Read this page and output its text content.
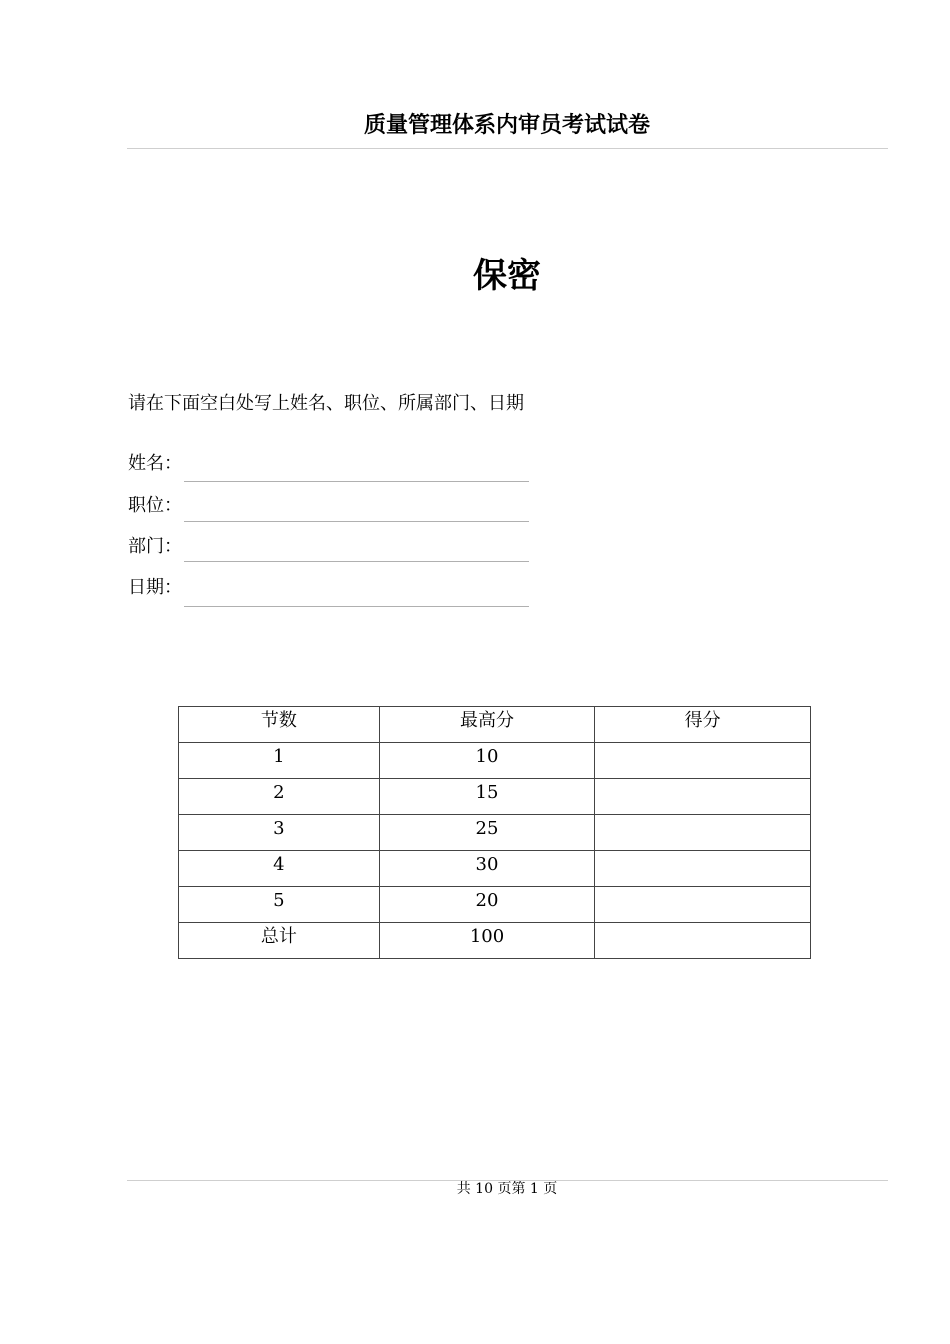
质量管理体系内审员考试试卷
保密
请在下面空白处写上姓名、职位、所属部门、日期
姓名：
职位：
部门：
日期：
节数	最高分	得分
1	10	
2	15	
3	25	
4	30	
5	20	
总计	100	
共 10 页第 1 页
